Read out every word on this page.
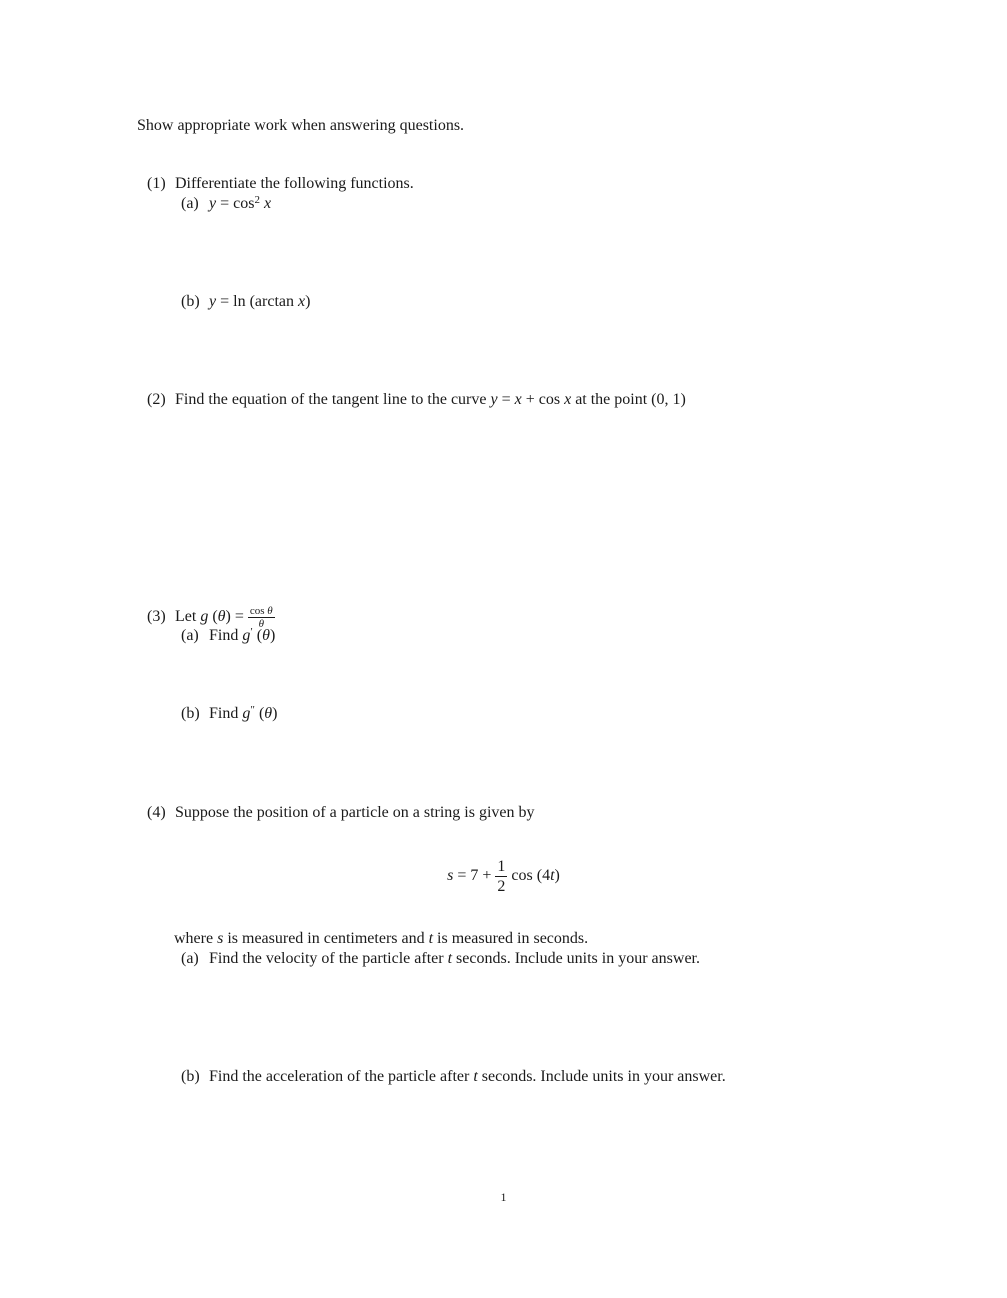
Show appropriate work when answering questions.
(1) Differentiate the following functions.
(a) $y = \cos^2 x$
(b) y = ln (arctan x)
(2) Find the equation of the tangent line to the curve y = x + cos x at the point (0, 1)
(3) Let g $(\theta) = \frac{\text{cos θ}}{\theta}$
(a) Find g′ (θ)
(b) Find g″ (θ)
(4) Suppose the position of a particle on a string is given by
$s = 7 + \frac{1}{2}$ cos (4t)
where s is measured in centimeters and t is measured in seconds.
(a) Find the velocity of the particle after t seconds. Include units in your answer.
(b) Find the acceleration of the particle after t seconds. Include units in your answer.
1
